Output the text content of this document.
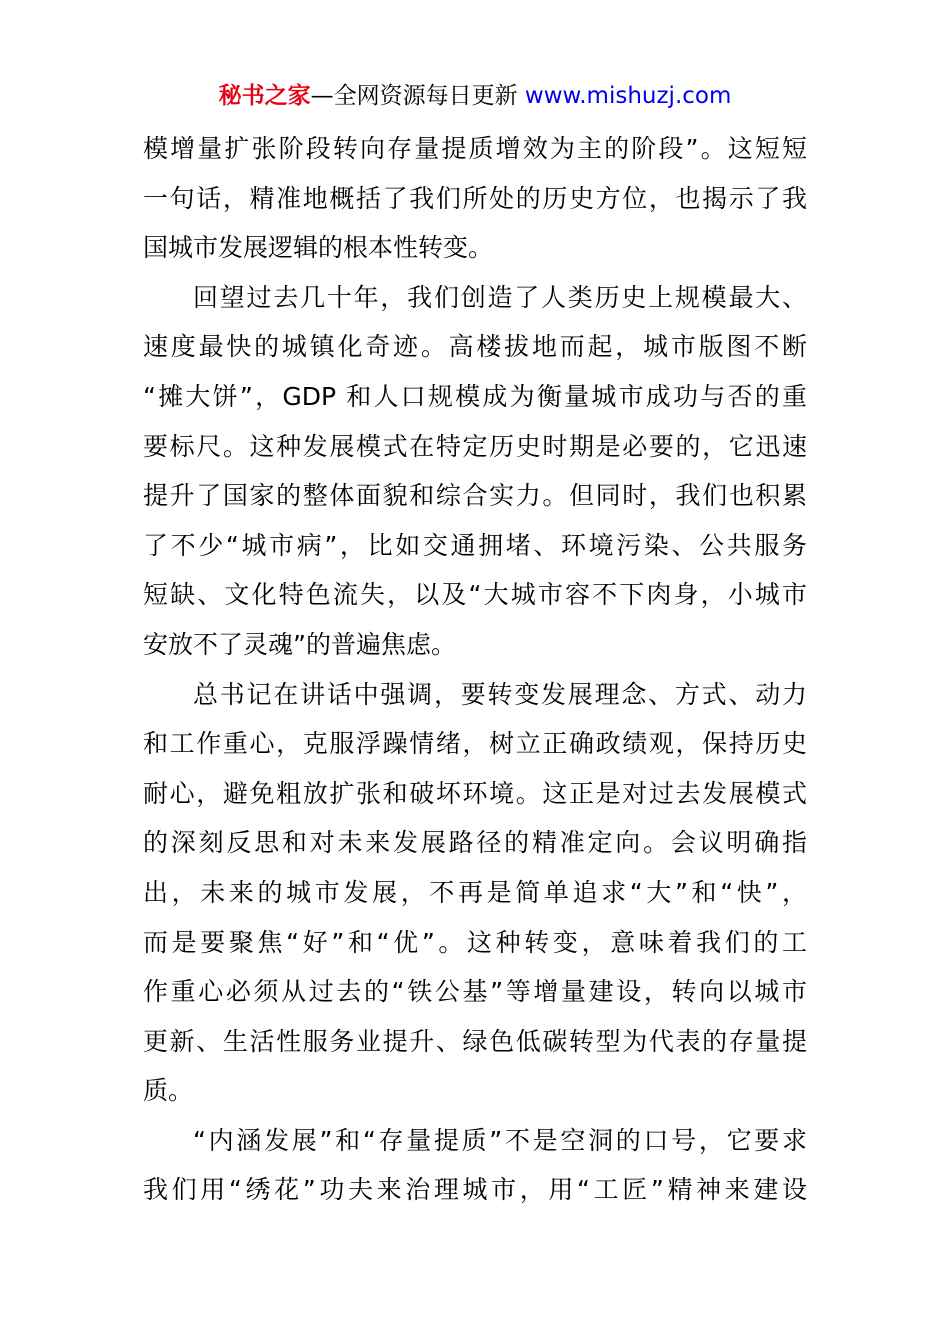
秘书之家—全网资源每日更新 www.mishuzj.com
模增量扩张阶段转向存量提质增效为主的阶段”。这短短
一句话，精准地概括了我们所处的历史方位，也揭示了我
国城市发展逻辑的根本性转变。
回望过去几十年，我们创造了人类历史上规模最大、
速度最快的城镇化奇迹。高楼拔地而起，城市版图不断
“摊大饼”，GDP 和人口规模成为衡量城市成功与否的重
要标尺。这种发展模式在特定历史时期是必要的，它迅速
提升了国家的整体面貌和综合实力。但同时，我们也积累
了不少“城市病”，比如交通拥堵、环境污染、公共服务
短缺、文化特色流失，以及“大城市容不下肉身，小城市
安放不了灵魂”的普遍焦虑。
总书记在讲话中强调，要转变发展理念、方式、动力
和工作重心，克服浮躁情绪，树立正确政绩观，保持历史
耐心，避免粗放扩张和破坏环境。这正是对过去发展模式
的深刻反思和对未来发展路径的精准定向。会议明确指
出，未来的城市发展，不再是简单追求“大”和“快”，
而是要聚焦“好”和“优”。这种转变，意味着我们的工
作重心必须从过去的“铁公基”等增量建设，转向以城市
更新、生活性服务业提升、绿色低碳转型为代表的存量提
质。
“内涵发展”和“存量提质”不是空洞的口号，它要求
我们用“绣花”功夫来治理城市，用“工匠”精神来建设
